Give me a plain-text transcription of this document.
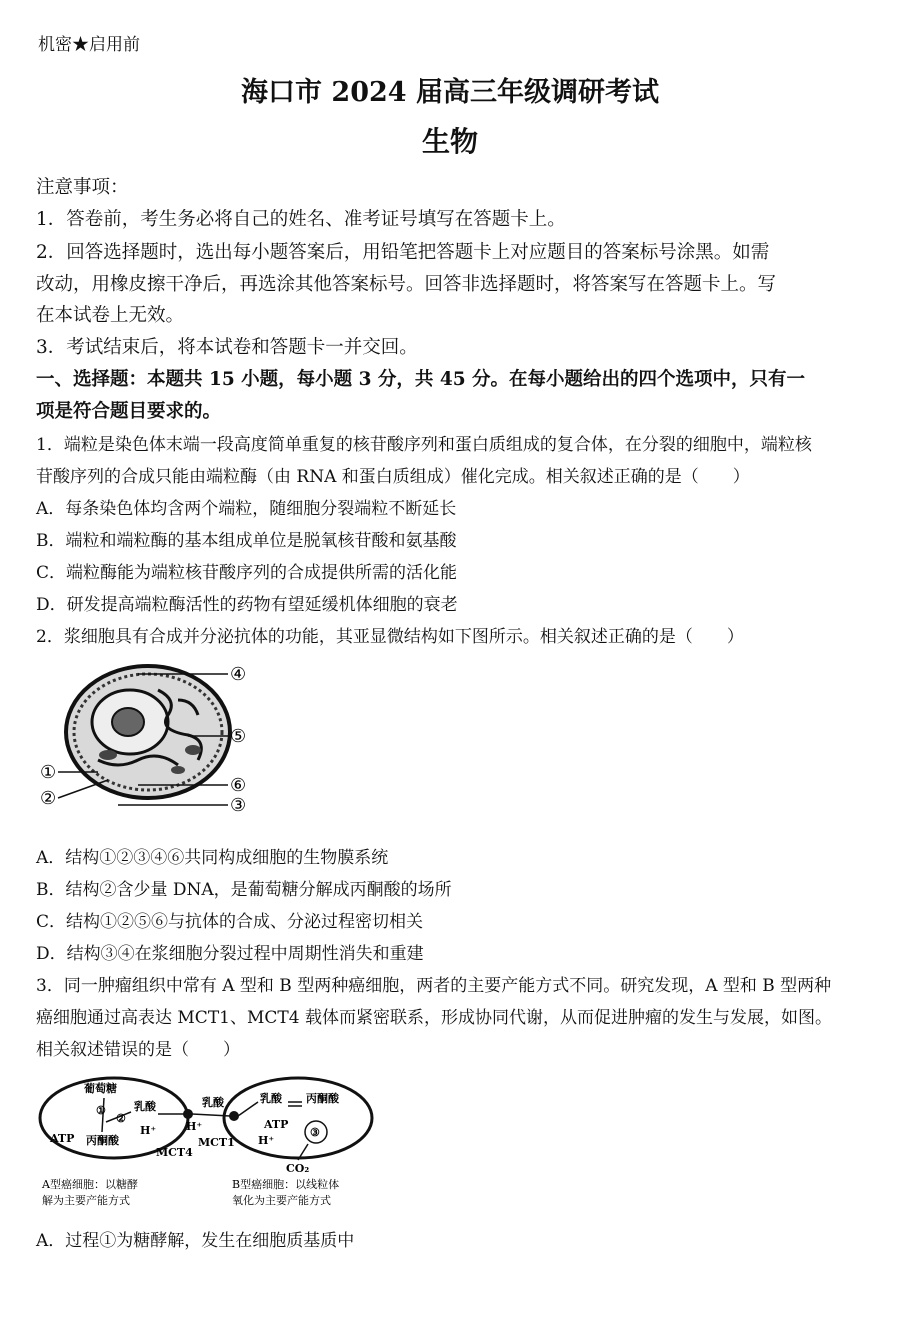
机密★启用前
海口市 2024 届高三年级调研考试
生物
注意事项：
1．答卷前，考生务必将自己的姓名、准考证号填写在答题卡上。
2．回答选择题时，选出每小题答案后，用铅笔把答题卡上对应题目的答案标号涂黑。如需
改动，用橡皮擦干净后，再选涂其他答案标号。回答非选择题时，将答案写在答题卡上。写
在本试卷上无效。
3．考试结束后，将本试卷和答题卡一并交回。
一、选择题：本题共 15 小题，每小题 3 分，共 45 分。在每小题给出的四个选项中，只有一
项是符合题目要求的。
1．端粒是染色体末端一段高度简单重复的核苷酸序列和蛋白质组成的复合体，在分裂的细胞中，端粒核
苷酸序列的合成只能由端粒酶（由 RNA 和蛋白质组成）催化完成。相关叙述正确的是（　　）
A．每条染色体均含两个端粒，随细胞分裂端粒不断延长
B．端粒和端粒酶的基本组成单位是脱氧核苷酸和氨基酸
C．端粒酶能为端粒核苷酸序列的合成提供所需的活化能
D．研发提高端粒酶活性的药物有望延缓机体细胞的衰老
2．浆细胞具有合成并分泌抗体的功能，其亚显微结构如下图所示。相关叙述正确的是（　　）
①
②	③
④
⑤
⑥
A．结构①②③④⑥共同构成细胞的生物膜系统
B．结构②含少量 DNA，是葡萄糖分解成丙酮酸的场所
C．结构①②⑤⑥与抗体的合成、分泌过程密切相关
D．结构③④在浆细胞分裂过程中周期性消失和重建
3．同一肿瘤组织中常有 A 型和 B 型两种癌细胞，两者的主要产能方式不同。研究发现，A 型和 B 型两种
癌细胞通过高表达 MCT1、MCT4 载体而紧密联系，形成协同代谢，从而促进肿瘤的发生与发展，如图。
相关叙述错误的是（　　）
葡萄糖
①
②
乳酸
ATP 丙酮酸
H⁺
乳酸
H⁺
MCT1
MCT4
乳酸 丙酮酸
ATP
③
H⁺
CO₂
A型癌细胞：以糖酵
解为主要产能方式
B型癌细胞：以线粒体
氧化为主要产能方式
A．过程①为糖酵解，发生在细胞质基质中
